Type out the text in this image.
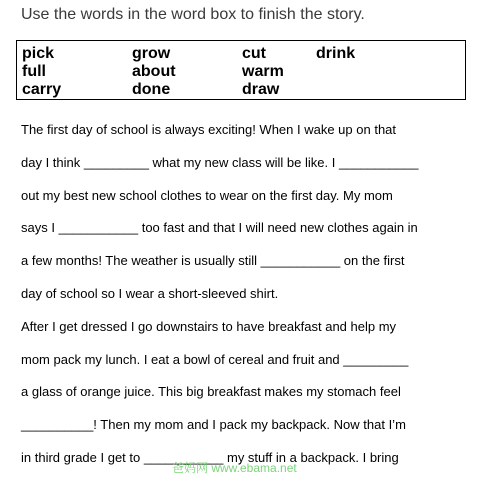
Use the words in the word box to finish the story.
pick
full
carry
grow
about
done
cut
warm
draw
drink
The first day of school is always exciting! When I wake up on that
day I think _________ what my new class will be like. I ___________
out my best new school clothes to wear on the first day. My mom
says I ___________ too fast and that I will need new clothes again in
a few months! The weather is usually still ___________ on the first
day of school so I wear a short-sleeved shirt.
After I get dressed I go downstairs to have breakfast and help my
mom pack my lunch. I eat a bowl of cereal and fruit and _________
a glass of orange juice. This big breakfast makes my stomach feel
__________! Then my mom and I pack my backpack. Now that I’m
in third grade I get to ___________ my stuff in a backpack. I bring
爸妈网 www.ebama.net
